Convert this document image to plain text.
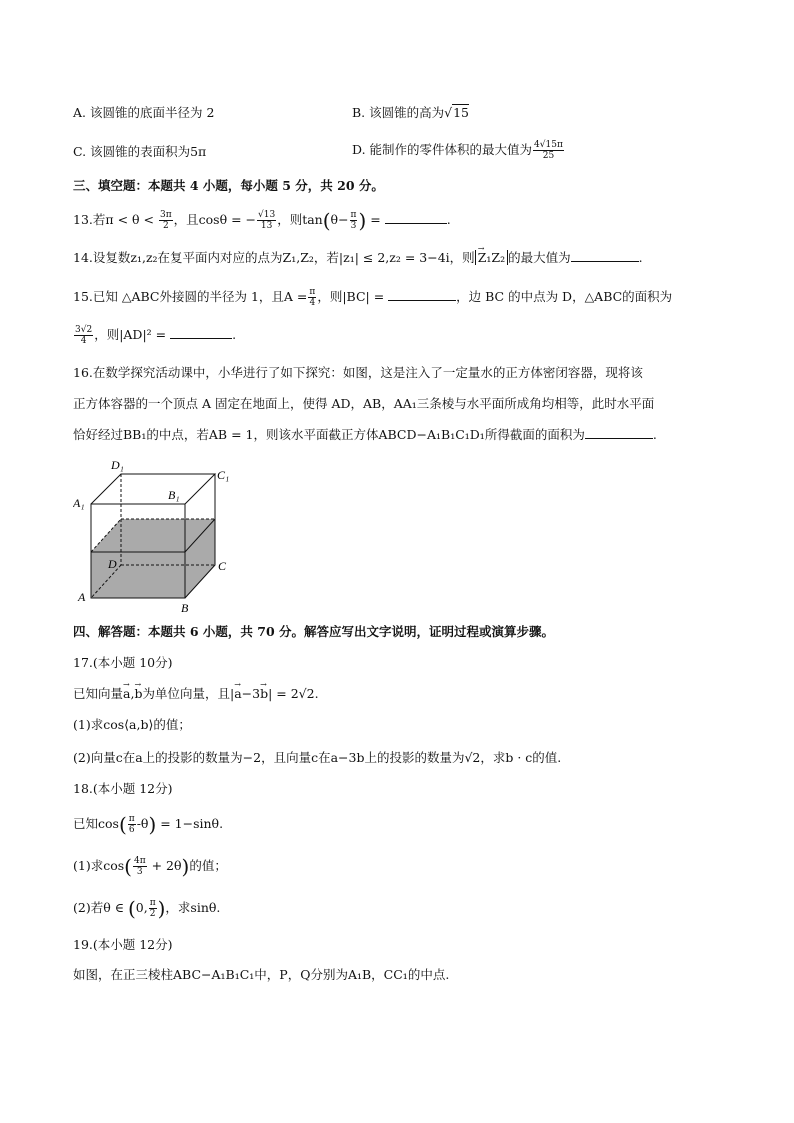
A. 该圆锥的底面半径为 2	B. 该圆锥的高为√15
C. 该圆锥的表面积为5π	D. 能制作的零件体积的最大值为 $\frac{4√15\pi}{25}$
三、填空题：本题共 4 小题，每小题 5 分，共 20 分。
13.若$\pi < \theta < \frac{3\pi}{2}$ ，且cosθ = − $\frac{√13}{13}$ ，则$\tan(\theta- \frac{\pi}{3}$ ) =	.
14.设复数z₁,z₂在复平面内对应的点为Z₁,Z₂，若|z₁| ≤ 2,z₂ = 3−4i，则→ Z₁Z₂ 的最大值为	.
15.已知 △ABC外接圆的半径为 1，且$A = \frac{\pi}{4}$ ，则|BC| =	，边 BC 的中点为 D，△ABC的面积为
$\frac{3√2}{4}$ ，则|AD|² =	.
16.在数学探究活动课中，小华进行了如下探究：如图，这是注入了一定量水的正方体密闭容器，现将该
正方体容器的一个顶点 A 固定在地面上，使得 AD，AB，AA₁三条棱与水平面所成角均相等，此时水平面
恰好经过BB₁的中点，若AB = 1，则该水平面截正方体ABCD−A₁B₁C₁D₁所得截面的面积为	.
D₁
C₁
A₁
B₁
D	C
A
B
四、解答题：本题共 6 小题，共 70 分。解答应写出文字说明，证明过程或演算步骤。
17.(本小题 10分)
已知向量→ a,→ b为单位向量，且|→ a−3→ b| = 2√2.
(1)求cos⟨a,b⟩的值；
(2)向量c在a上的投影的数量为−2，且向量c在a−3b上的投影的数量为√2，求b · c的值.
18.(本小题 12分)
已知$\cos( \frac{\pi}{6} -\theta) = 1-\sin\theta$.
(1)求$\cos( \frac{4\pi}{3} + 2\theta)$的值；
(2)若θ ∈ (0, $\frac{\pi}{2}$ )，求sinθ.
19.(本小题 12分)
如图，在正三棱柱ABC−A₁B₁C₁中，P，Q分别为A₁B，CC₁的中点.
